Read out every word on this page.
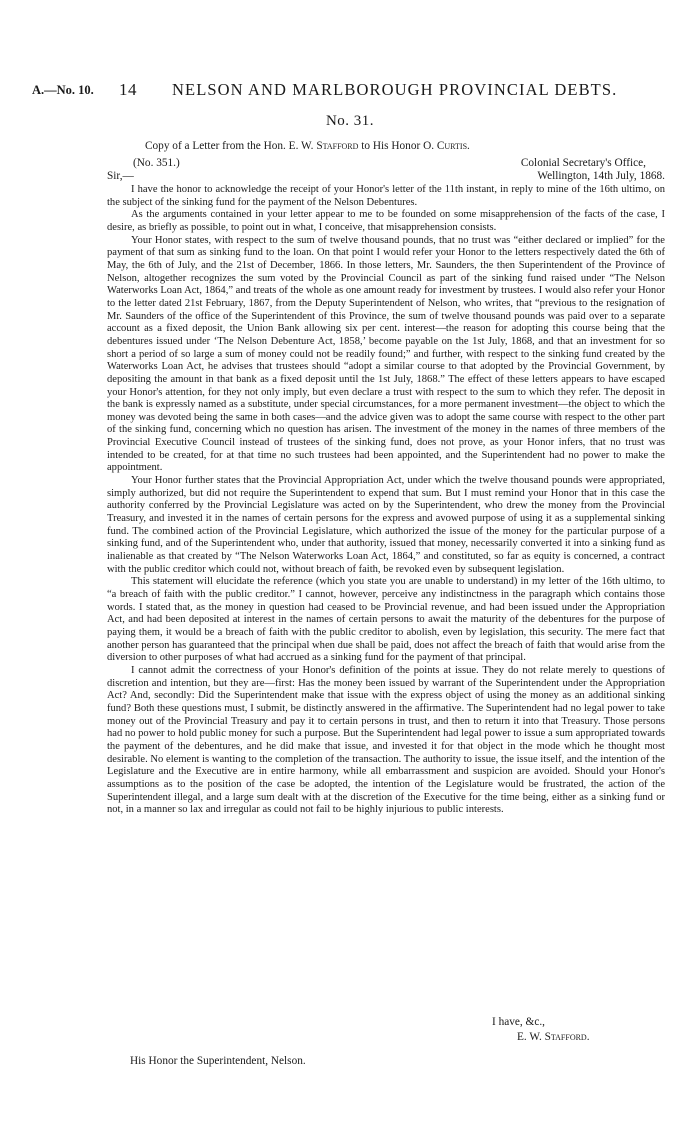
A.—No. 10. 14 NELSON AND MARLBOROUGH PROVINCIAL DEBTS.
No. 31.
Copy of a Letter from the Hon. E. W. Stafford to His Honor O. Curtis.
(No. 351.)	Colonial Secretary's Office,
Sir,—	Wellington, 14th July, 1868.

I have the honor to acknowledge the receipt of your Honor's letter of the 11th instant, in reply to mine of the 16th ultimo, on the subject of the sinking fund for the payment of the Nelson Debentures.

As the arguments contained in your letter appear to me to be founded on some misapprehension of the facts of the case, I desire, as briefly as possible, to point out in what, I conceive, that misapprehension consists.

Your Honor states, with respect to the sum of twelve thousand pounds, that no trust was “either declared or implied” for the payment of that sum as sinking fund to the loan. On that point I would refer your Honor to the letters respectively dated the 6th of May, the 6th of July, and the 21st of December, 1866. In those letters, Mr. Saunders, the then Superintendent of the Province of Nelson, altogether recognizes the sum voted by the Provincial Council as part of the sinking fund raised under “The Nelson Waterworks Loan Act, 1864,” and treats of the whole as one amount ready for investment by trustees. I would also refer your Honor to the letter dated 21st February, 1867, from the Deputy Superintendent of Nelson, who writes, that “previous to the resignation of Mr. Saunders of the office of the Superintendent of this Province, the sum of twelve thousand pounds was paid over to a separate account as a fixed deposit, the Union Bank allowing six per cent. interest—the reason for adopting this course being that the debentures issued under ‘The Nelson Debenture Act, 1858,’ become payable on the 1st July, 1868, and that an investment for so short a period of so large a sum of money could not be readily found;” and further, with respect to the sinking fund created by the Waterworks Loan Act, he advises that trustees should “adopt a similar course to that adopted by the Provincial Government, by depositing the amount in that bank as a fixed deposit until the 1st July, 1868.” The effect of these letters appears to have escaped your Honor's attention, for they not only imply, but even declare a trust with respect to the sum to which they refer. The deposit in the bank is expressly named as a substitute, under special circumstances, for a more permanent investment—the object to which the money was devoted being the same in both cases—and the advice given was to adopt the same course with respect to the other part of the sinking fund, concerning which no question has arisen. The investment of the money in the names of three members of the Provincial Executive Council instead of trustees of the sinking fund, does not prove, as your Honor infers, that no trust was intended to be created, for at that time no such trustees had been appointed, and the Superintendent had no power to make the appointment.

Your Honor further states that the Provincial Appropriation Act, under which the twelve thousand pounds were appropriated, simply authorized, but did not require the Superintendent to expend that sum. But I must remind your Honor that in this case the authority conferred by the Provincial Legislature was acted on by the Superintendent, who drew the money from the Provincial Treasury, and invested it in the names of certain persons for the express and avowed purpose of using it as a supplemental sinking fund. The combined action of the Provincial Legislature, which authorized the issue of the money for the particular purpose of a sinking fund, and of the Superintendent who, under that authority, issued that money, necessarily converted it into a sinking fund as inalienable as that created by “The Nelson Waterworks Loan Act, 1864,” and constituted, so far as equity is concerned, a contract with the public creditor which could not, without breach of faith, be revoked even by subsequent legislation.

This statement will elucidate the reference (which you state you are unable to understand) in my letter of the 16th ultimo, to “a breach of faith with the public creditor.” I cannot, however, perceive any indistinctness in the paragraph which contains those words. I stated that, as the money in question had ceased to be Provincial revenue, and had been issued under the Appropriation Act, and had been deposited at interest in the names of certain persons to await the maturity of the debentures for the purpose of paying them, it would be a breach of faith with the public creditor to abolish, even by legislation, this security. The mere fact that another person has guaranteed that the principal when due shall be paid, does not affect the breach of faith that would arise from the diversion to other purposes of what had accrued as a sinking fund for the payment of that principal.

I cannot admit the correctness of your Honor's definition of the points at issue. They do not relate merely to questions of discretion and intention, but they are—first: Has the money been issued by warrant of the Superintendent under the Appropriation Act? And, secondly: Did the Superintendent make that issue with the express object of using the money as an additional sinking fund? Both these questions must, I submit, be distinctly answered in the affirmative. The Superintendent had no legal power to take money out of the Provincial Treasury and pay it to certain persons in trust, and then to return it into that Treasury. Those persons had no power to hold public money for such a purpose. But the Superintendent had legal power to issue a sum appropriated towards the payment of the debentures, and he did make that issue, and invested it for that object in the mode which he thought most desirable. No element is wanting to the completion of the transaction. The authority to issue, the issue itself, and the intention of the Legislature and the Executive are in entire harmony, while all embarrassment and suspicion are avoided. Should your Honor's assumptions as to the position of the case be adopted, the intention of the Legislature would be frustrated, the action of the Superintendent illegal, and a large sum dealt with at the discretion of the Executive for the time being, either as a sinking fund or not, in a manner so lax and irregular as could not fail to be highly injurious to public interests.

I have, &c.,
E. W. Stafford.
His Honor the Superintendent, Nelson.
